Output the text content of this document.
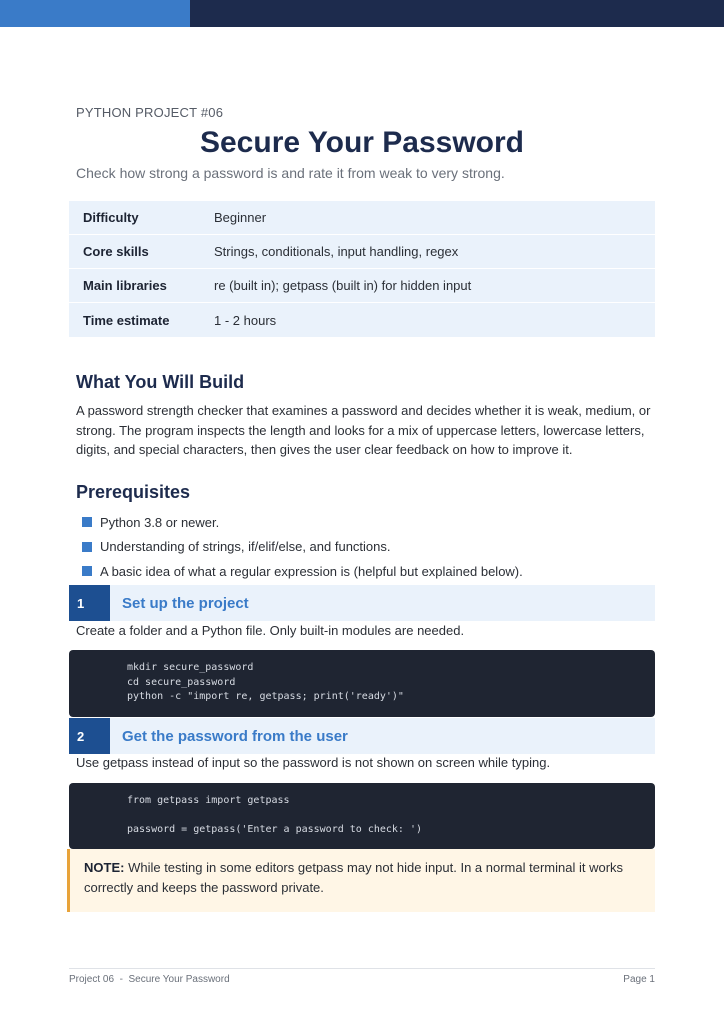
PYTHON PROJECT #06
Secure Your Password
Check how strong a password is and rate it from weak to very strong.
Difficulty	Beginner
Core skills	Strings, conditionals, input handling, regex
Main libraries	re (built in); getpass (built in) for hidden input
Time estimate	1 - 2 hours
What You Will Build

A password strength checker that examines a password and decides whether it is weak, medium, or strong. The program inspects the length and looks for a mix of uppercase letters, lowercase letters, digits, and special characters, then gives the user clear feedback on how to improve it.

Prerequisites
Python 3.8 or newer.
Understanding of strings, if/elif/else, and functions.
A basic idea of what a regular expression is (helpful but explained below).
1	Set up the project
Create a folder and a Python file. Only built-in modules are needed.
mkdir secure_password
cd secure_password
python -c "import re, getpass; print('ready')"
2	Get the password from the user
Use getpass instead of input so the password is not shown on screen while typing.
from getpass import getpass
password = getpass('Enter a password to check: ')
NOTE: While testing in some editors getpass may not hide input. In a normal terminal it works correctly and keeps the password private.
Project 06  -  Secure Your Password	Page 1
